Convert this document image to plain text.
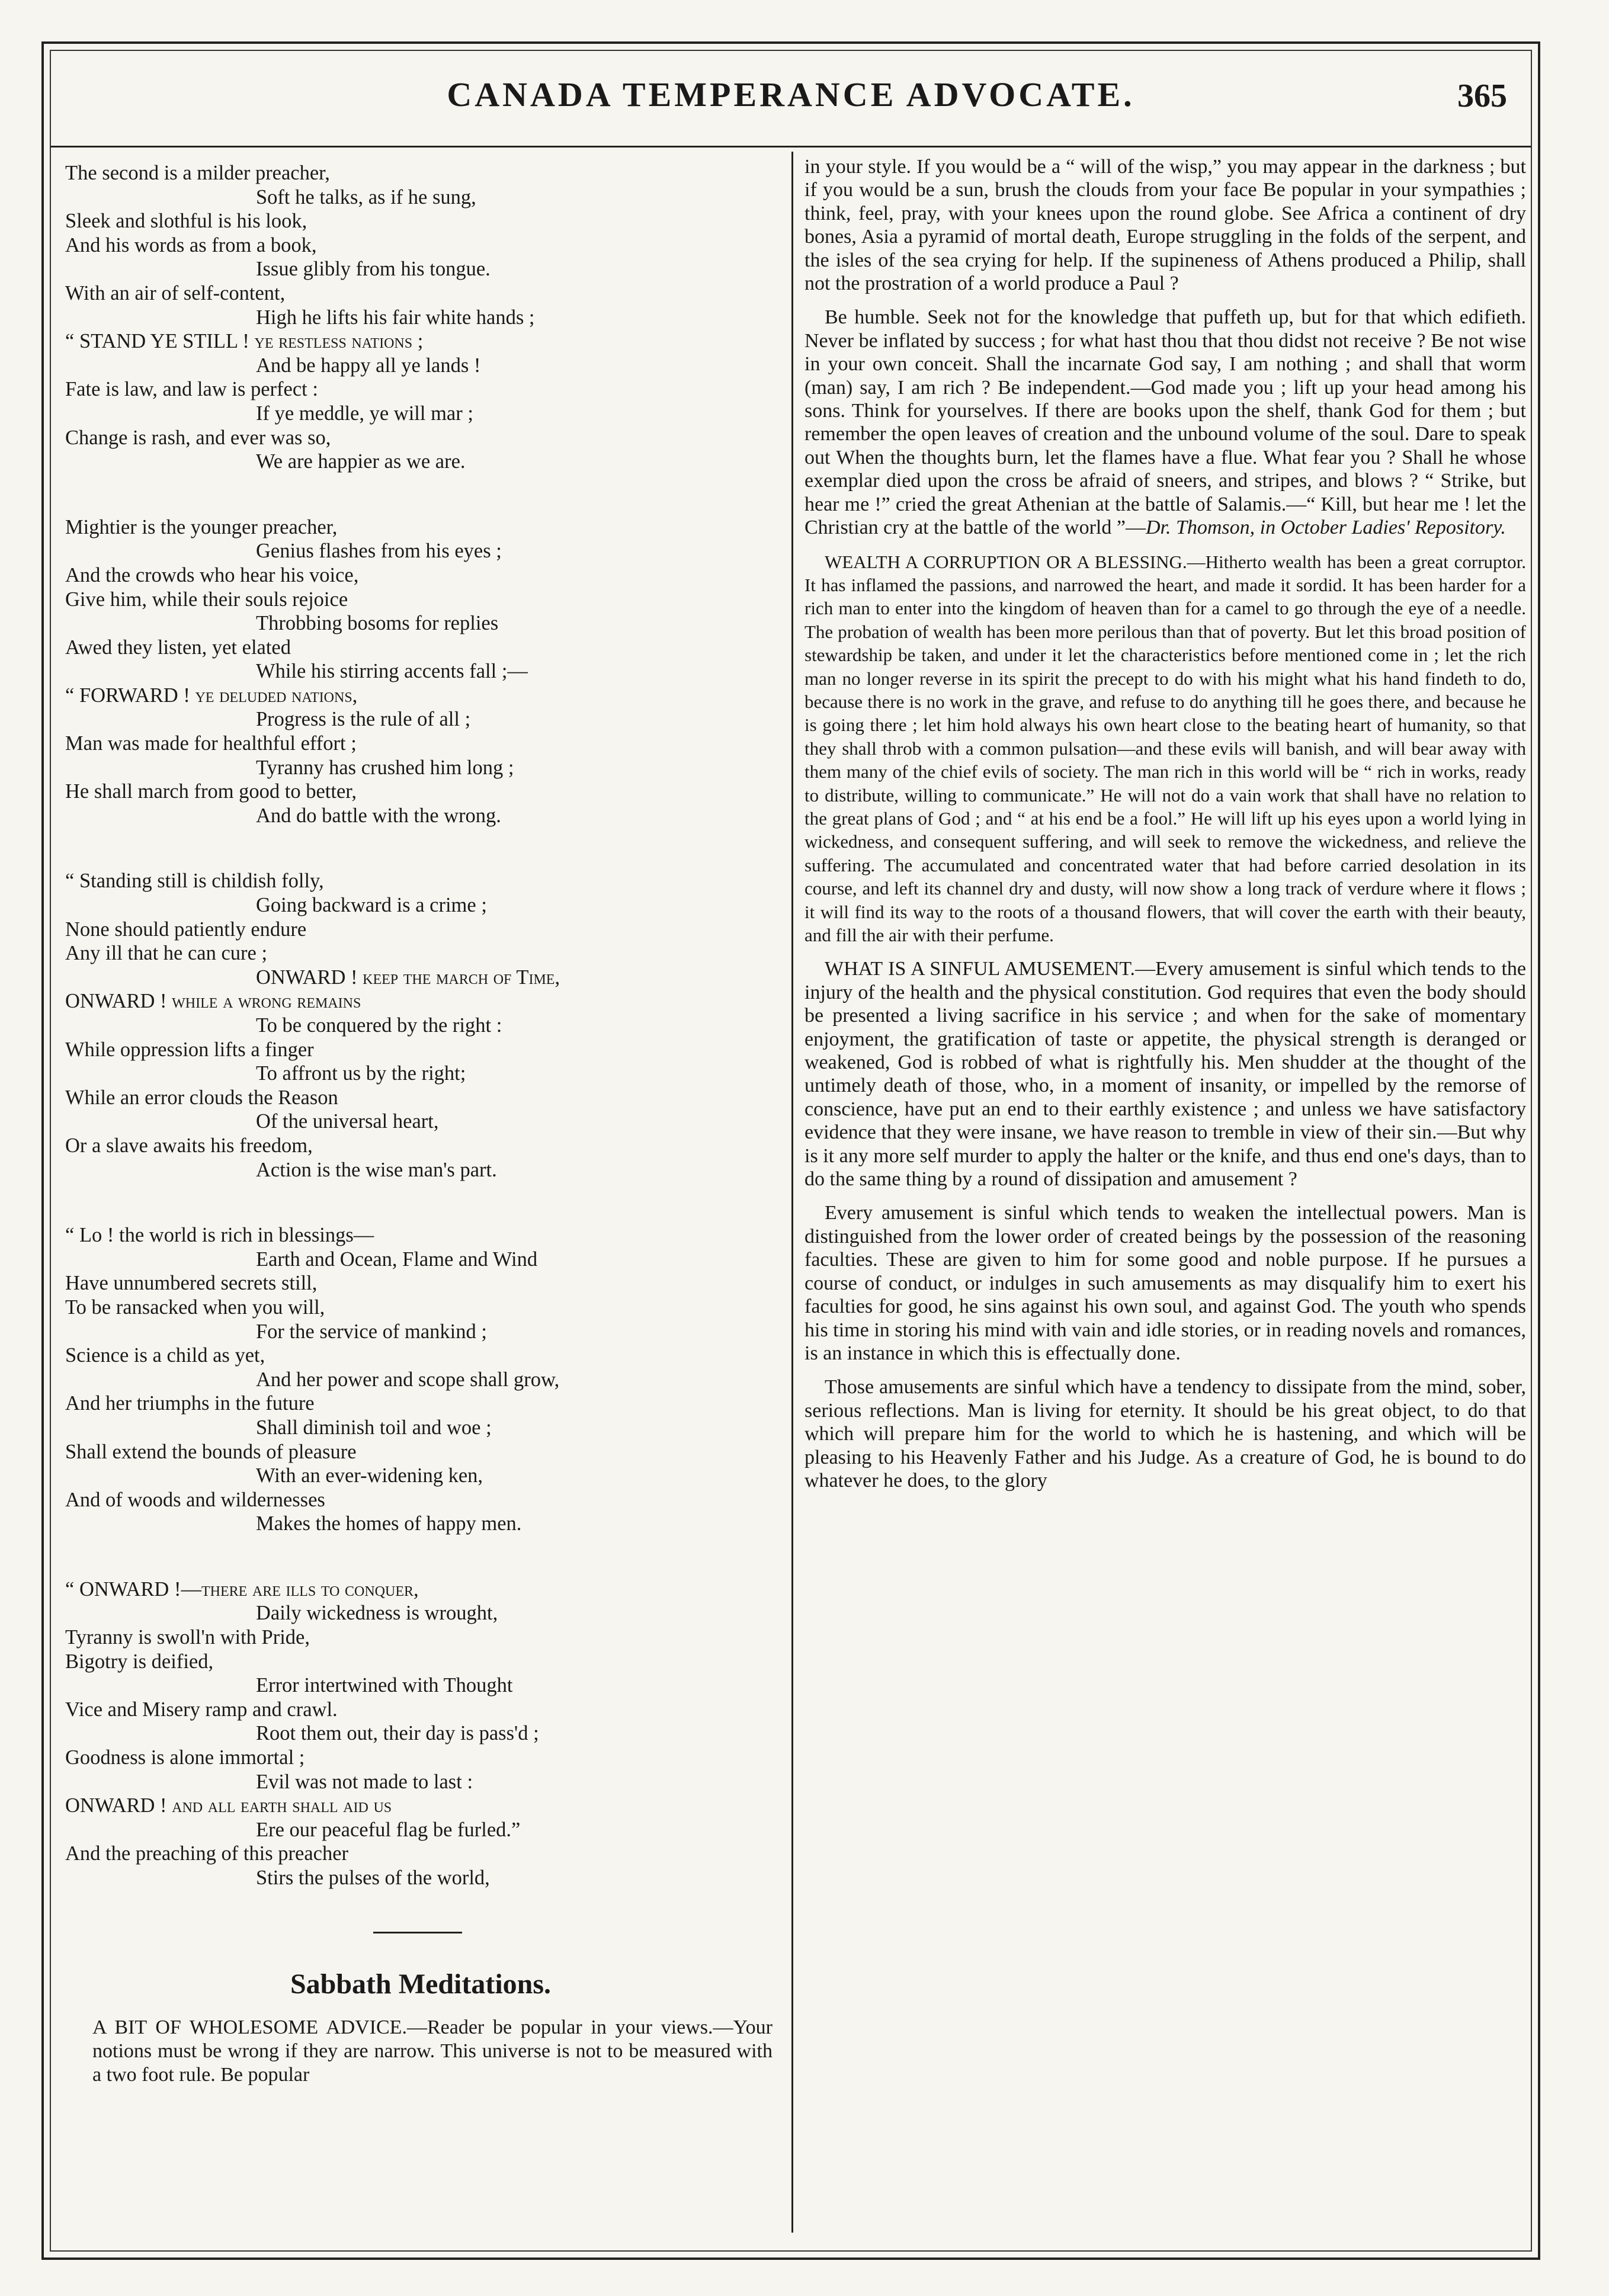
CANADA TEMPERANCE ADVOCATE.	365
The second is a milder preacher,
Soft he talks, as if he sung,
Sleek and slothful is his look,
And his words as from a book,
Issue glibly from his tongue.
With an air of self-content,
High he lifts his fair white hands ;
“ STAND YE STILL ! ye restless nations ;
And be happy all ye lands !
Fate is law, and law is perfect :
If ye meddle, ye will mar ;
Change is rash, and ever was so,
We are happier as we are.
Mightier is the younger preacher,
Genius flashes from his eyes ;
And the crowds who hear his voice,
Give him, while their souls rejoice
Throbbing bosoms for replies
Awed they listen, yet elated
While his stirring accents fall ;—
“ FORWARD ! ye deluded nations,
Progress is the rule of all ;
Man was made for healthful effort ;
Tyranny has crushed him long ;
He shall march from good to better,
And do battle with the wrong.
“ Standing still is childish folly,
Going backward is a crime ;
None should patiently endure
Any ill that he can cure ;
ONWARD ! keep the march of Time,
ONWARD ! while a wrong remains
To be conquered by the right :
While oppression lifts a finger
To affront us by the right;
While an error clouds the Reason
Of the universal heart,
Or a slave awaits his freedom,
Action is the wise man's part.
“ Lo ! the world is rich in blessings—
Earth and Ocean, Flame and Wind
Have unnumbered secrets still,
To be ransacked when you will,
For the service of mankind ;
Science is a child as yet,
And her power and scope shall grow,
And her triumphs in the future
Shall diminish toil and woe ;
Shall extend the bounds of pleasure
With an ever-widening ken,
And of woods and wildernesses
Makes the homes of happy men.
“ ONWARD !—there are ills to conquer,
Daily wickedness is wrought,
Tyranny is swoll'n with Pride,
Bigotry is deified,
Error intertwined with Thought
Vice and Misery ramp and crawl.
Root them out, their day is pass'd ;
Goodness is alone immortal ;
Evil was not made to last :
ONWARD ! and all earth shall aid us
Ere our peaceful flag be furled.”
And the preaching of this preacher
Stirs the pulses of the world,
Sabbath Meditations.
A BIT OF WHOLESOME ADVICE.—Reader be popular in your views.—Your notions must be wrong if they are narrow. This universe is not to be measured with a two foot rule. Be popular

in your style. If you would be a “ will of the wisp,” you may appear in the darkness ; but if you would be a sun, brush the clouds from your face Be popular in your sympathies ; think, feel, pray, with your knees upon the round globe. See Africa a continent of dry bones, Asia a pyramid of mortal death, Europe struggling in the folds of the serpent, and the isles of the sea crying for help. If the supineness of Athens produced a Philip, shall not the prostration of a world produce a Paul ?

Be humble. Seek not for the knowledge that puffeth up, but for that which edifieth. Never be inflated by success ; for what hast thou that thou didst not receive ? Be not wise in your own conceit. Shall the incarnate God say, I am nothing ; and shall that worm (man) say, I am rich ? Be independent.—God made you ; lift up your head among his sons. Think for yourselves. If there are books upon the shelf, thank God for them ; but remember the open leaves of creation and the unbound volume of the soul. Dare to speak out When the thoughts burn, let the flames have a flue. What fear you ? Shall he whose exemplar died upon the cross be afraid of sneers, and stripes, and blows ? “ Strike, but hear me !” cried the great Athenian at the battle of Salamis.—“ Kill, but hear me ! let the Christian cry at the battle of the world ”—Dr. Thomson, in October Ladies' Repository.

WEALTH A CORRUPTION OR A BLESSING.—Hitherto wealth has been a great corruptor. It has inflamed the passions, and narrowed the heart, and made it sordid. It has been harder for a rich man to enter into the kingdom of heaven than for a camel to go through the eye of a needle. The probation of wealth has been more perilous than that of poverty. But let this broad position of stewardship be taken, and under it let the characteristics before mentioned come in ; let the rich man no longer reverse in its spirit the precept to do with his might what his hand findeth to do, because there is no work in the grave, and refuse to do anything till he goes there, and because he is going there ; let him hold always his own heart close to the beating heart of humanity, so that they shall throb with a common pulsation—and these evils will banish, and will bear away with them many of the chief evils of society. The man rich in this world will be “ rich in works, ready to distribute, willing to communicate.” He will not do a vain work that shall have no relation to the great plans of God ; and “ at his end be a fool.” He will lift up his eyes upon a world lying in wickedness, and consequent suffering, and will seek to remove the wickedness, and relieve the suffering. The accumulated and concentrated water that had before carried desolation in its course, and left its channel dry and dusty, will now show a long track of verdure where it flows ; it will find its way to the roots of a thousand flowers, that will cover the earth with their beauty, and fill the air with their perfume.

WHAT IS A SINFUL AMUSEMENT.—Every amusement is sinful which tends to the injury of the health and the physical constitution. God requires that even the body should be presented a living sacrifice in his service ; and when for the sake of momentary enjoyment, the gratification of taste or appetite, the physical strength is deranged or weakened, God is robbed of what is rightfully his. Men shudder at the thought of the untimely death of those, who, in a moment of insanity, or impelled by the remorse of conscience, have put an end to their earthly existence ; and unless we have satisfactory evidence that they were insane, we have reason to tremble in view of their sin.—But why is it any more self murder to apply the halter or the knife, and thus end one's days, than to do the same thing by a round of dissipation and amusement ?

Every amusement is sinful which tends to weaken the intellectual powers. Man is distinguished from the lower order of created beings by the possession of the reasoning faculties. These are given to him for some good and noble purpose. If he pursues a course of conduct, or indulges in such amusements as may disqualify him to exert his faculties for good, he sins against his own soul, and against God. The youth who spends his time in storing his mind with vain and idle stories, or in reading novels and romances, is an instance in which this is effectually done.

Those amusements are sinful which have a tendency to dissipate from the mind, sober, serious reflections. Man is living for eternity. It should be his great object, to do that which will prepare him for the world to which he is hastening, and which will be pleasing to his Heavenly Father and his Judge. As a creature of God, he is bound to do whatever he does, to the glory
